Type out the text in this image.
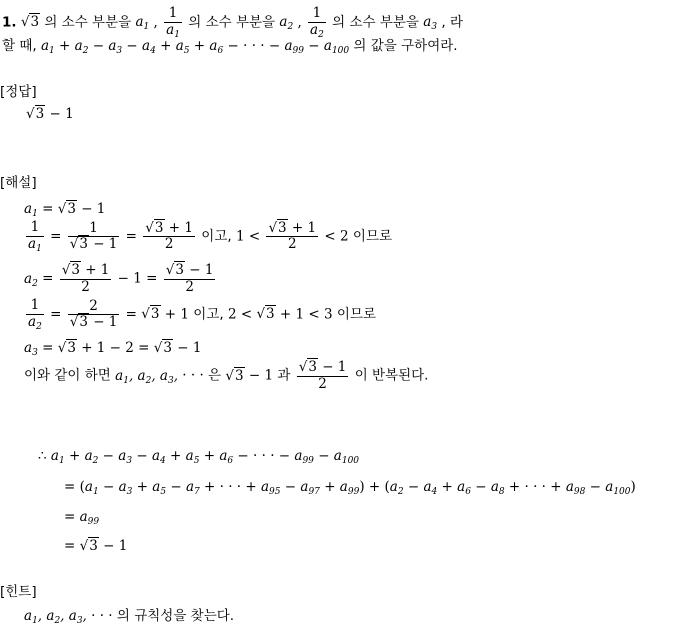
1. √3 의 소수 부분을 $a_1$ , $\frac{1}{a_1}$ 의 소수 부분을 $a_2$ , $\frac{1}{a_2}$ 의 소수 부분을 $a_3$ , 라
할 때, $a_1 + a_2 - a_3 - a_4 + a_5 + a_6$ − · · · − $a_{99} - a_{100}$ 의 값을 구하여라.
[정답]
√3 − 1
[해설]
$a_1 = √3 - 1$
$\frac{1}{a_1} = \frac{1}{√3 - 1} = \frac{√3 + 1}{2}$ 이고, $1 < \frac{√3 + 1}{2} < 2$ 이므로
$a_2 = \frac{√3 + 1}{2} - 1 = \frac{√3 - 1}{2}$
$\frac{1}{a_2} = \frac{2}{√3 - 1} = √3 + 1$ 이고, 2 < √3 + 1 < 3 이므로
$a_3 = √3 + 1 - 2 = √3 - 1$
이와 같이 하면 $a_1$, $a_2$, $a_3$, · · · 은 √3 − 1 과 $\frac{√3 - 1}{2}$ 이 반복된다.
∴ $a_1 + a_2 - a_3 - a_4 + a_5 + a_6$ − · · · − $a_{99} - a_{100}$
= ($a_1 - a_3 + a_5 - a_7$ + · · · + $a_{95} - a_{97} + a_{99}) + (a_2 - a_4 + a_6 - a_8$ + · · · + $a_{98} - a_{100}$)
= $a_{99}$
= √3 − 1
[힌트]
$a_1$, $a_2$, $a_3$, · · · 의 규칙성을 찾는다.
